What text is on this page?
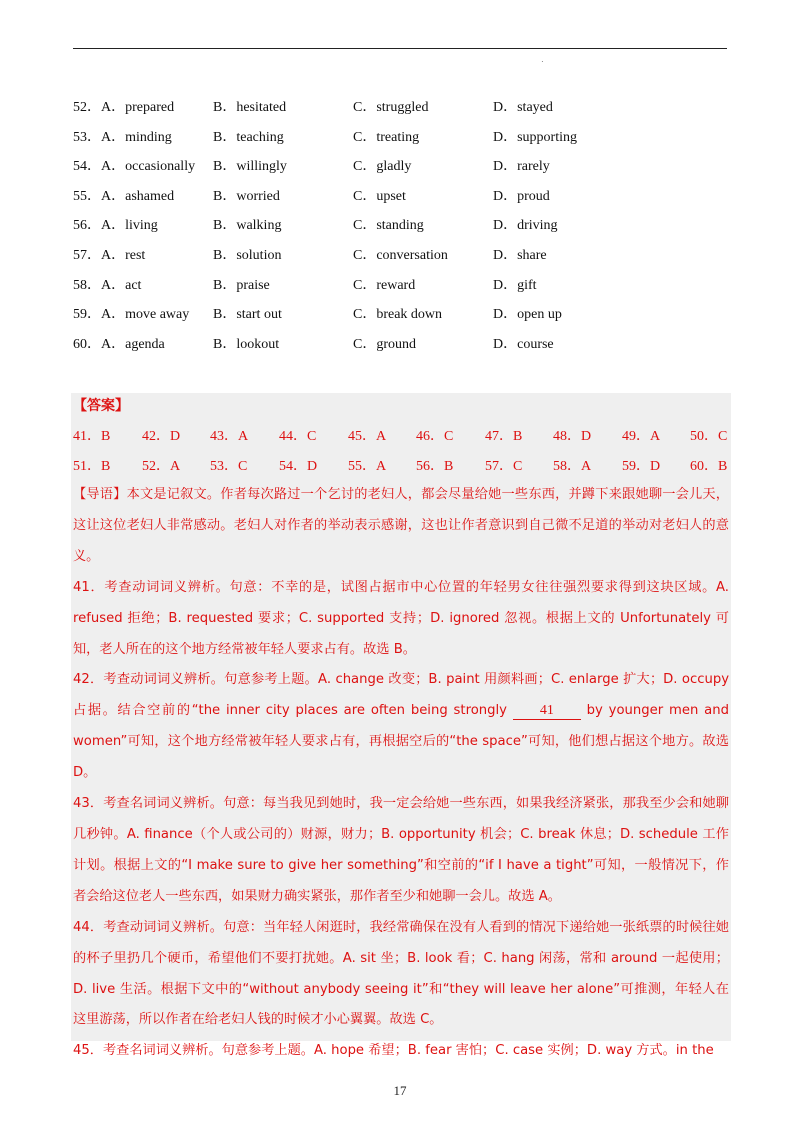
·
52． A．prepared	B．hesitated	C．struggled	D．stayed
53． A．minding	B．teaching	C．treating	D．supporting
54． A．occasionally B．willingly	C．gladly	D．rarely
55． A．ashamed	B．worried	C．upset	D．proud
56． A．living	B．walking	C．standing	D．driving
57． A．rest	B．solution	C．conversation	D．share
58． A．act	B．praise	C．reward	D．gift
59． A．move away B．start out	C．break down	D．open up
60． A．agenda	B．lookout	C．ground	D．course
【答案】
41．B 42．D 43．A 44．C 45．A 46．C 47．B 48．D 49．A 50．C
51．B 52．A 53．C 54．D 55．A 56．B 57．C 58．A 59．D 60．B

【导语】本文是记叙文。作者每次路过一个乞讨的老妇人，都会尽量给她一些东西，并蹲下来跟她聊一会儿天，这让这位老妇人非常感动。老妇人对作者的举动表示感谢，这也让作者意识到自己微不足道的举动对老妇人的意义。

41．考查动词词义辨析。句意：不幸的是，试图占据市中心位置的年轻男女往往强烈要求得到这块区域。A. refused 拒绝；B. requested 要求；C. supported 支持；D. ignored 忽视。根据上文的 Unfortunately 可知，老人所在的这个地方经常被年轻人要求占有。故选 B。

42．考查动词词义辨析。句意参考上题。A. change 改变；B. paint 用颜料画；C. enlarge 扩大；D. occupy 占据。结合空前的“the inner city places are often being strongly 41 by younger men and women”可知，这个地方经常被年轻人要求占有，再根据空后的“the space”可知，他们想占据这个地方。故选 D。

43．考查名词词义辨析。句意：每当我见到她时，我一定会给她一些东西，如果我经济紧张，那我至少会和她聊几秒钟。A. finance（个人或公司的）财源，财力；B. opportunity 机会；C. break 休息；D. schedule 工作计划。根据上文的“I make sure to give her something”和空前的“if I have a tight”可知，一般情况下，作者会给这位老人一些东西，如果财力确实紧张，那作者至少和她聊一会儿。故选 A。

44．考查动词词义辨析。句意：当年轻人闲逛时，我经常确保在没有人看到的情况下递给她一张纸票的时候往她的杯子里扔几个硬币，希望他们不要打扰她。A. sit 坐；B. look 看；C. hang 闲荡，常和 around 一起使用；D. live 生活。根据下文中的“without anybody seeing it”和“they will leave her alone”可推测，年轻人在这里游荡，所以作者在给老妇人钱的时候才小心翼翼。故选 C。

45．考查名词词义辨析。句意参考上题。A. hope 希望；B. fear 害怕；C. case 实例；D. way 方式。in the

17
